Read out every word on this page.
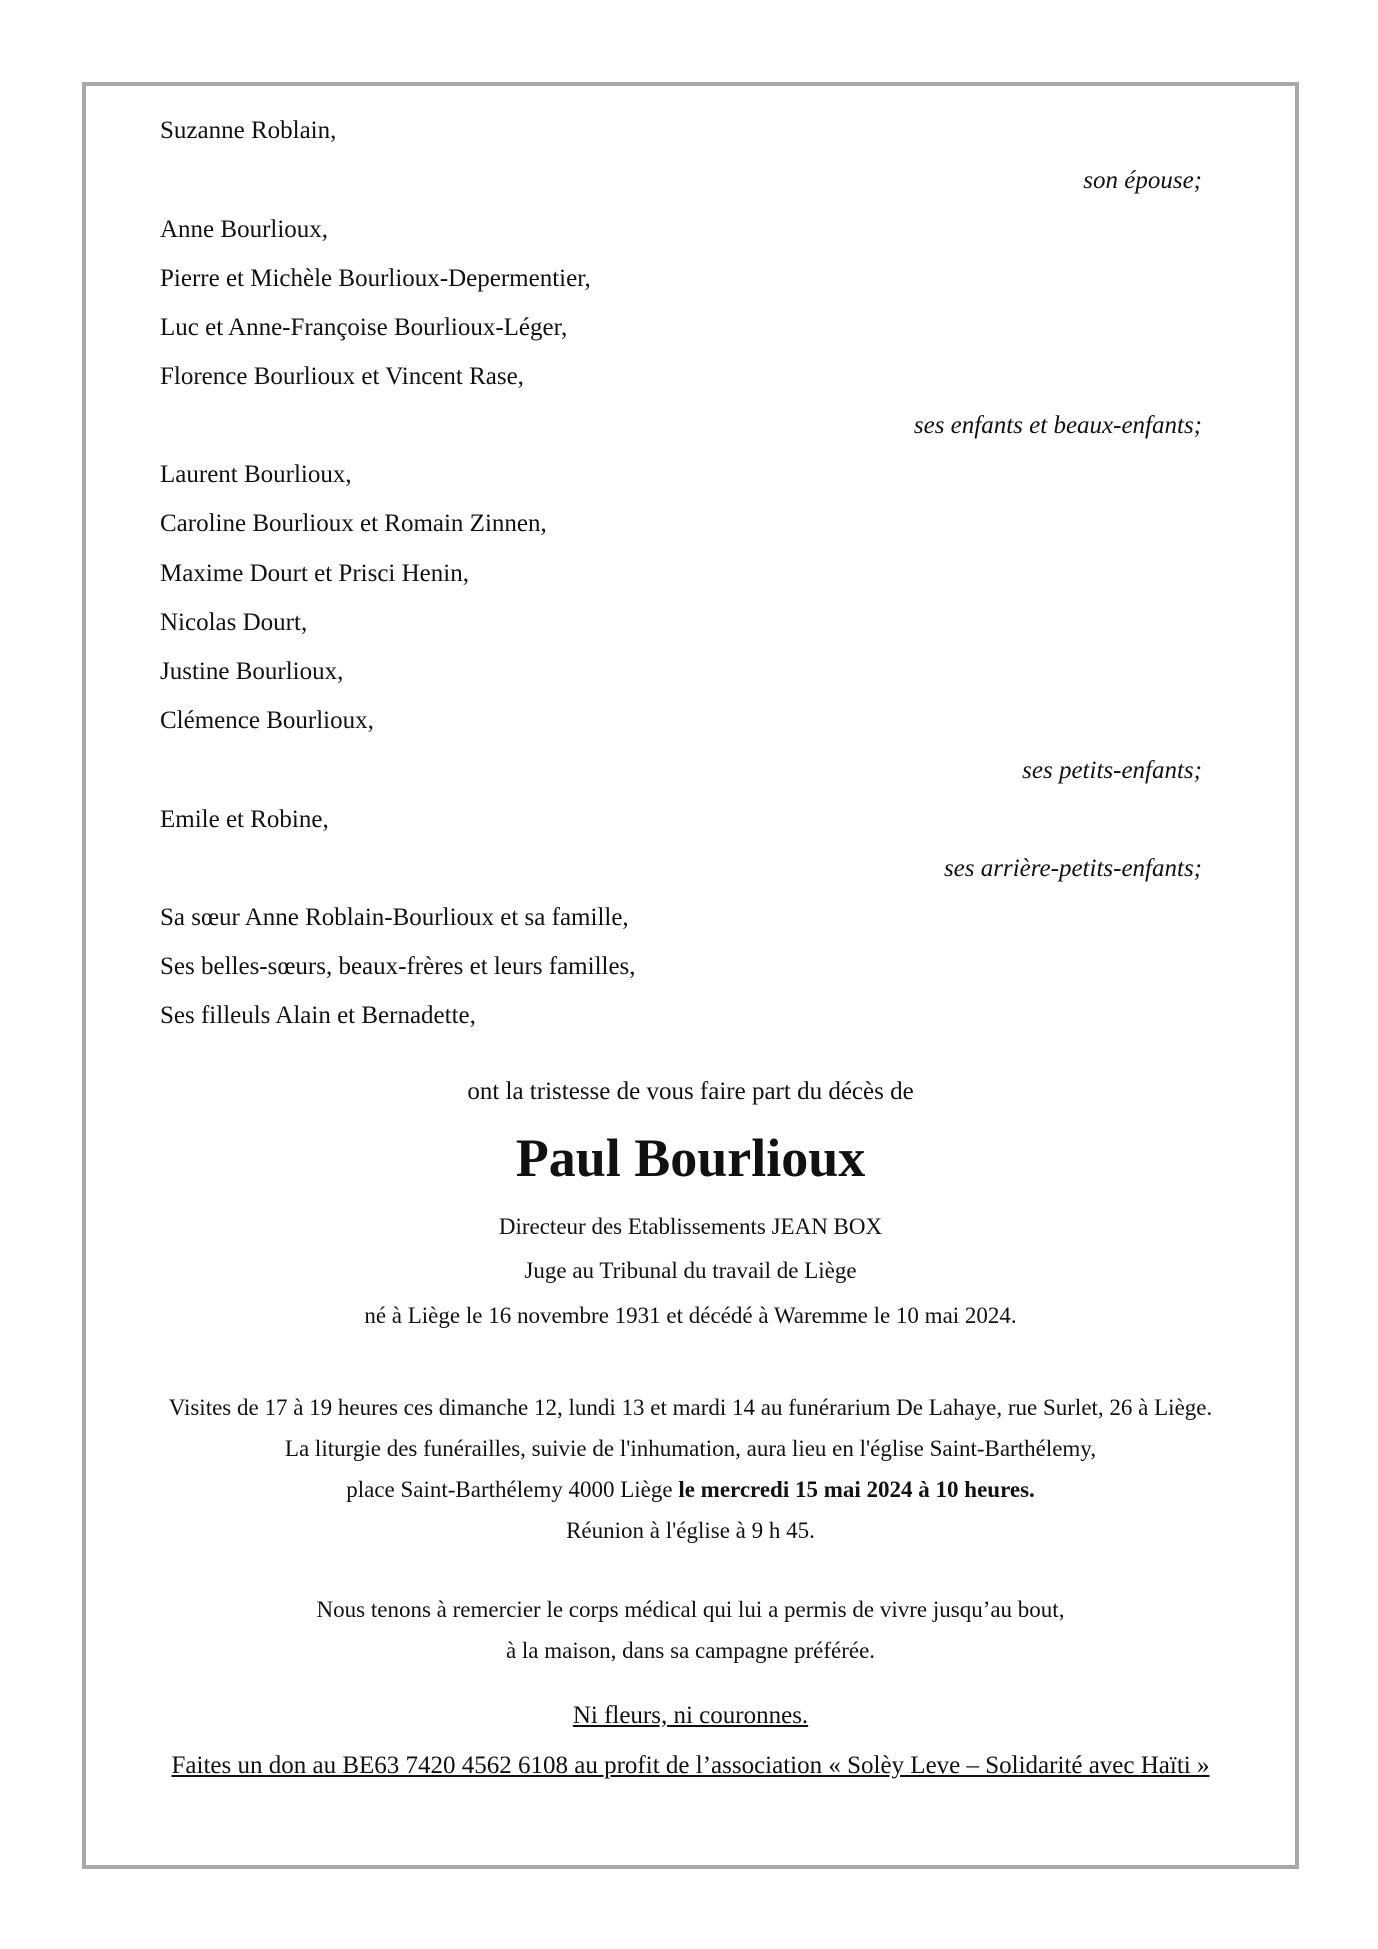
Suzanne Roblain,
son épouse;
Anne Bourlioux,
Pierre et Michèle Bourlioux-Depermentier,
Luc et Anne-Françoise Bourlioux-Léger,
Florence Bourlioux et Vincent Rase,
ses enfants et beaux-enfants;
Laurent Bourlioux,
Caroline Bourlioux et Romain Zinnen,
Maxime Dourt et Prisci Henin,
Nicolas Dourt,
Justine Bourlioux,
Clémence Bourlioux,
ses petits-enfants;
Emile et Robine,
ses arrière-petits-enfants;
Sa sœur Anne Roblain-Bourlioux et sa famille,
Ses belles-sœurs, beaux-frères et leurs familles,
Ses filleuls Alain et Bernadette,
ont la tristesse de vous faire part du décès de
Paul Bourlioux
Directeur des Etablissements JEAN BOX
Juge au Tribunal du travail de Liège
né à Liège le 16 novembre 1931 et décédé à Waremme le 10 mai 2024.
Visites de 17 à 19 heures ces dimanche 12, lundi 13 et mardi 14 au funérarium De Lahaye, rue Surlet, 26 à Liège.
La liturgie des funérailles, suivie de l'inhumation, aura lieu en l'église Saint-Barthélemy,
place Saint-Barthélemy 4000 Liège le mercredi 15 mai 2024 à 10 heures.
Réunion à l'église à 9 h 45.
Nous tenons à remercier le corps médical qui lui a permis de vivre jusqu’au bout,
à la maison, dans sa campagne préférée.
Ni fleurs, ni couronnes.
Faites un don au BE63 7420 4562 6108 au profit de l’association « Solèy Leve – Solidarité avec Haïti »
